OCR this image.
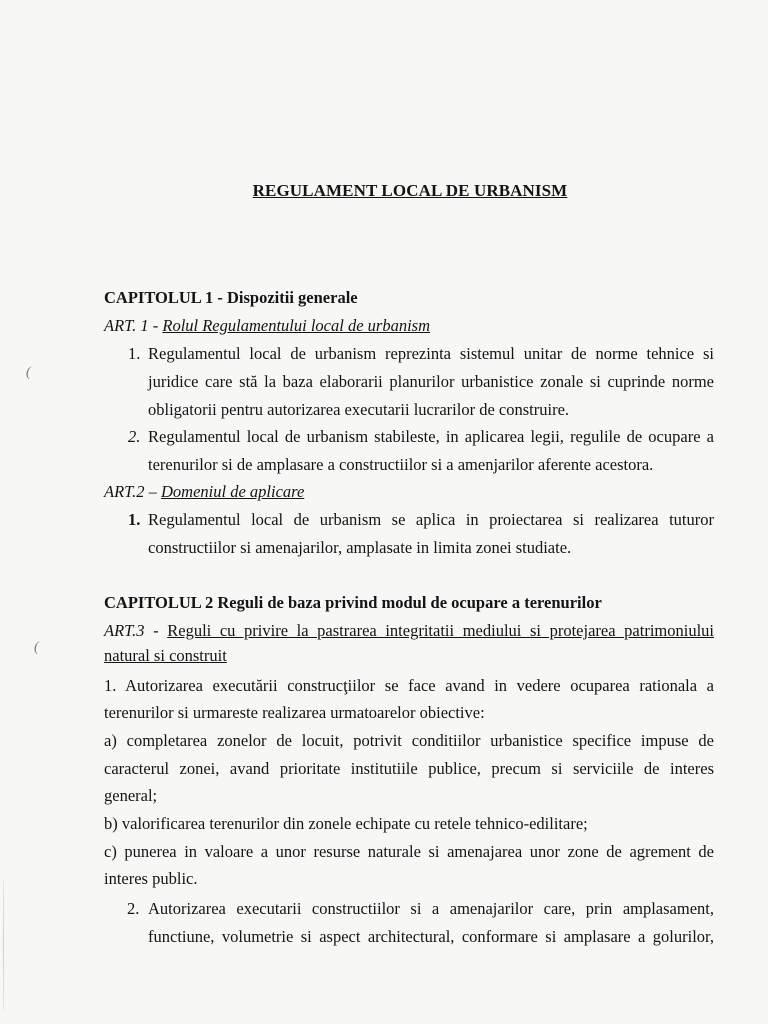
REGULAMENT LOCAL DE URBANISM
CAPITOLUL 1 - Dispozitii generale
ART. 1 - Rolul Regulamentului local de urbanism
1. Regulamentul local de urbanism reprezinta sistemul unitar de norme tehnice si
juridice care stă la baza elaborarii planurilor urbanistice zonale si cuprinde norme
obligatorii pentru autorizarea executarii lucrarilor de construire.
2. Regulamentul local de urbanism stabileste, in aplicarea legii, regulile de ocupare a
terenurilor si de amplasare a constructiilor si a amenjarilor aferente acestora.
ART.2 – Domeniul de aplicare
1. Regulamentul local de urbanism se aplica in proiectarea si realizarea tuturor
constructiilor si amenajarilor, amplasate in limita zonei studiate.
CAPITOLUL 2 Reguli de baza privind modul de ocupare a terenurilor
ART.3 - Reguli cu privire la pastrarea integritatii mediului si protejarea patrimoniului
natural si construit
1. Autorizarea executării construcţiilor se face avand in vedere ocuparea rationala a
terenurilor si urmareste realizarea urmatoarelor obiective:
a) completarea zonelor de locuit, potrivit conditiilor urbanistice specifice impuse de
caracterul zonei, avand prioritate institutiile publice, precum si serviciile de interes
general;
b) valorificarea terenurilor din zonele echipate cu retele tehnico-edilitare;
c) punerea in valoare a unor resurse naturale si amenajarea unor zone de agrement de
interes public.
2. Autorizarea executarii constructiilor si a amenajarilor care, prin amplasament,
functiune, volumetrie si aspect architectural, conformare si amplasare a golurilor,
(
(
